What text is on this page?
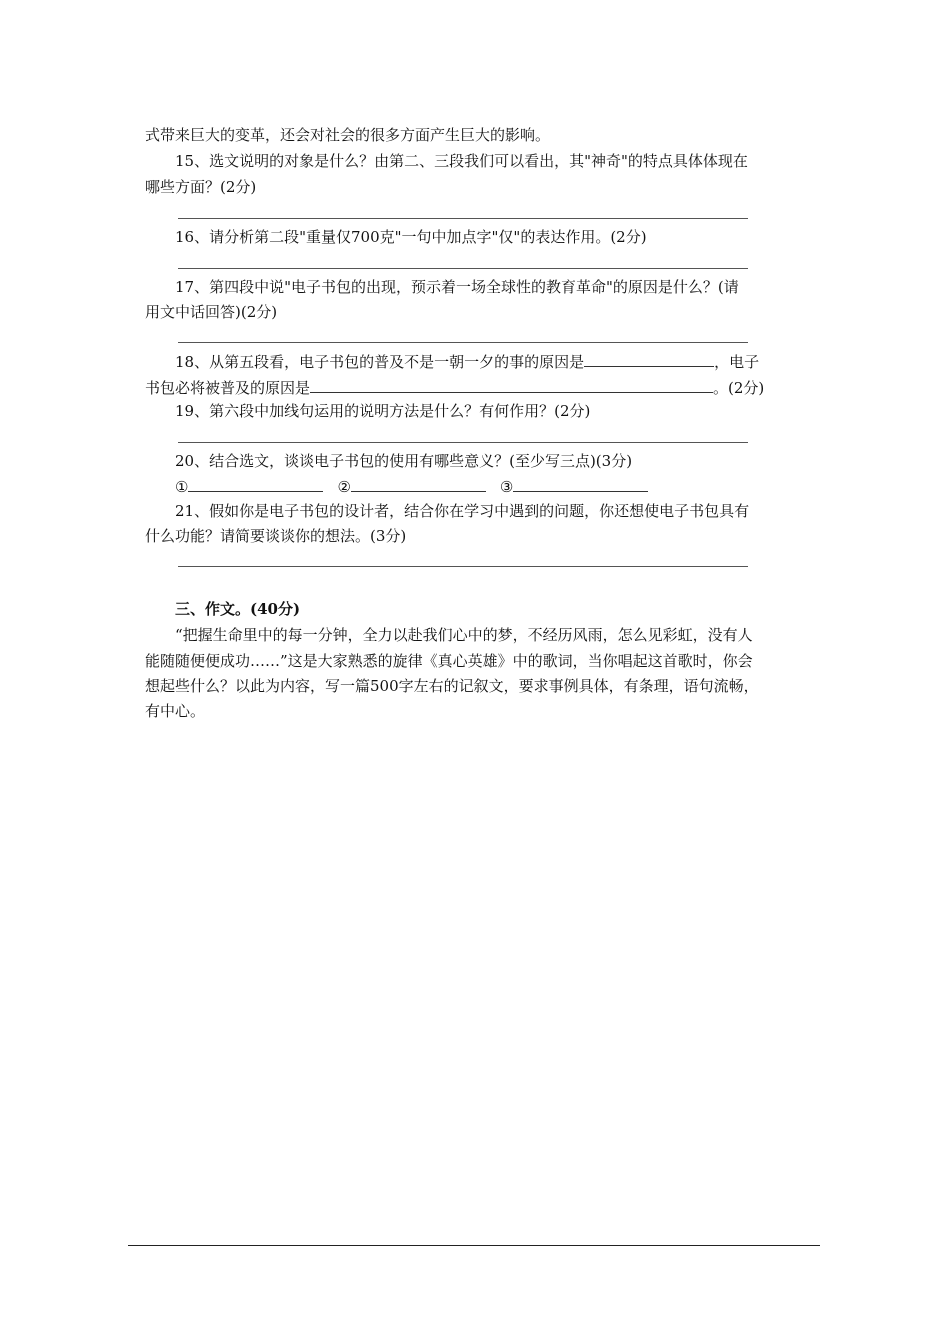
式带来巨大的变革，还会对社会的很多方面产生巨大的影响。
15、选文说明的对象是什么？由第二、三段我们可以看出，其"神奇"的特点具体体现在
哪些方面？(2分)
16、请分析第二段"重量仅700克"一句中加点字"仅"的表达作用。(2分)
17、第四段中说"电子书包的出现，预示着一场全球性的教育革命"的原因是什么？(请
用文中话回答)(2分)
18、从第五段看，电子书包的普及不是一朝一夕的事的原因是	，电子
书包必将被普及的原因是	。(2分)
19、第六段中加线句运用的说明方法是什么？有何作用？(2分)
20、结合选文，谈谈电子书包的使用有哪些意义？(至少写三点)(3分)
①	②	③
21、假如你是电子书包的设计者，结合你在学习中遇到的问题，你还想使电子书包具有
什么功能？请简要谈谈你的想法。(3分)
三、作文。(40分)
“把握生命里中的每一分钟，全力以赴我们心中的梦，不经历风雨，怎么见彩虹，没有人
能随随便便成功……”这是大家熟悉的旋律《真心英雄》中的歌词，当你唱起这首歌时，你会
想起些什么？以此为内容，写一篇500字左右的记叙文，要求事例具体，有条理，语句流畅，
有中心。
